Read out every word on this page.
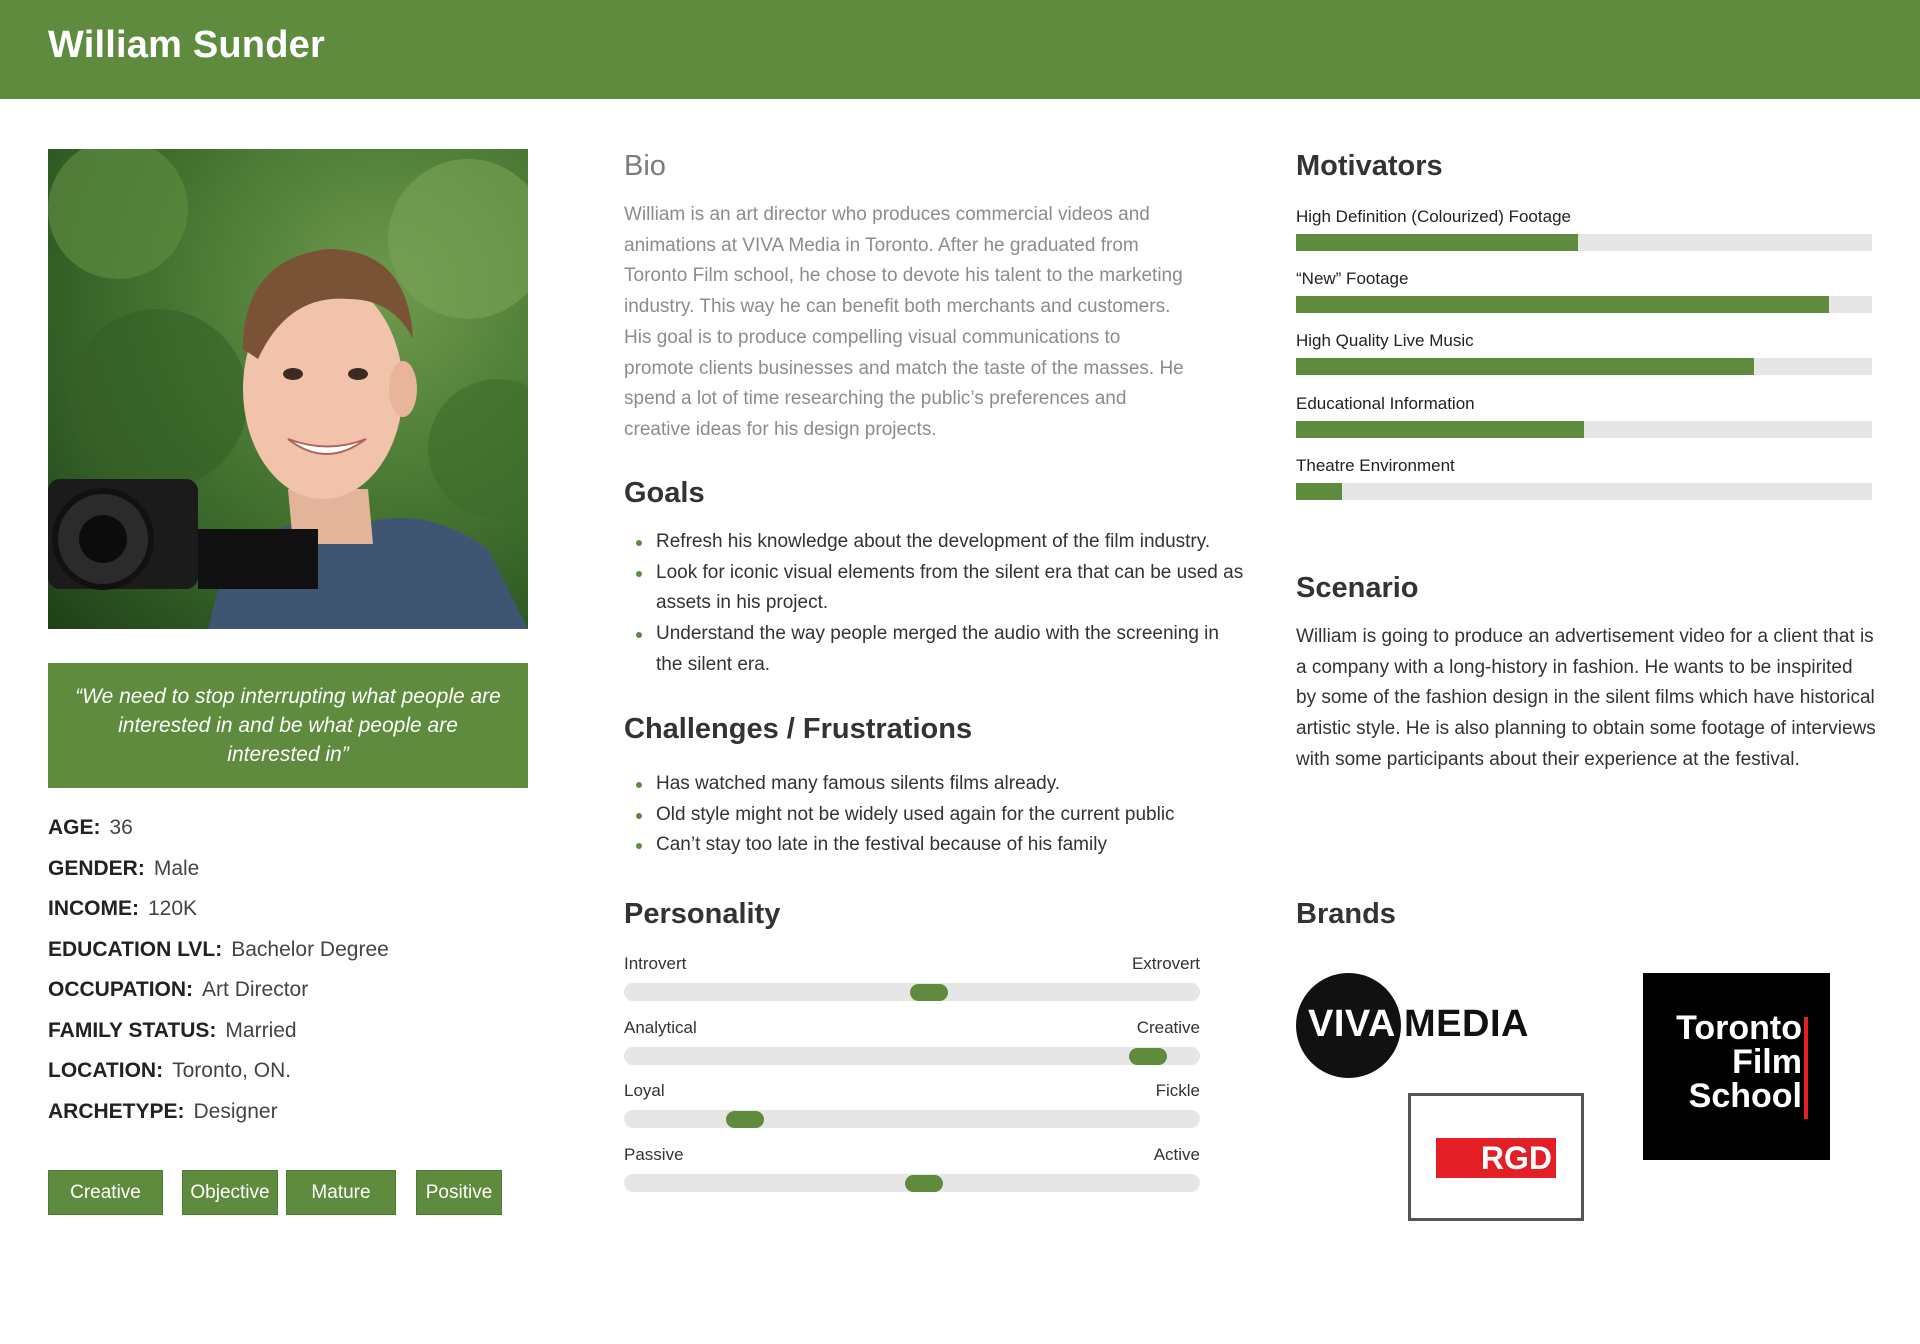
William Sunder

“We need to stop interrupting what people are interested in and be what people are interested in”

AGE: 36
GENDER: Male
INCOME: 120K
EDUCATION LVL: Bachelor Degree
OCCUPATION: Art Director
FAMILY STATUS: Married
LOCATION: Toronto, ON.
ARCHETYPE: Designer
Creative	Objective	Mature	Positive
Bio

William is an art director who produces commercial videos and animations at VIVA Media in Toronto. After he graduated from Toronto Film school, he chose to devote his talent to the marketing industry. This way he can benefit both merchants and customers. His goal is to produce compelling visual communications to promote clients businesses and match the taste of the masses. He spend a lot of time researching the public’s preferences and creative ideas for his design projects.

Goals
Refresh his knowledge about the development of the film industry.
Look for iconic visual elements from the silent era that can be used as assets in his project.
Understand the way people merged the audio with the screening in the silent era.
Challenges / Frustrations
Has watched many famous silents films already.
Old style might not be widely used again for the current public
Can’t stay too late in the festival because of his family
Personality
Introvert	Extrovert
Analytical	Creative
Loyal	Fickle
Passive	Active
Motivators
High Definition (Colourized) Footage
“New” Footage
High Quality Live Music
Educational Information
Theatre Environment
Scenario

William is going to produce an advertisement video for a client that is a company with a long-history in fashion. He wants to be inspirited by some of the fashion design in the silent films which have historical artistic style. He is also planning to obtain some footage of interviews with some participants about their experience at the festival.

Brands
VIVA MEDIA
RGD
Toronto
Film
School
